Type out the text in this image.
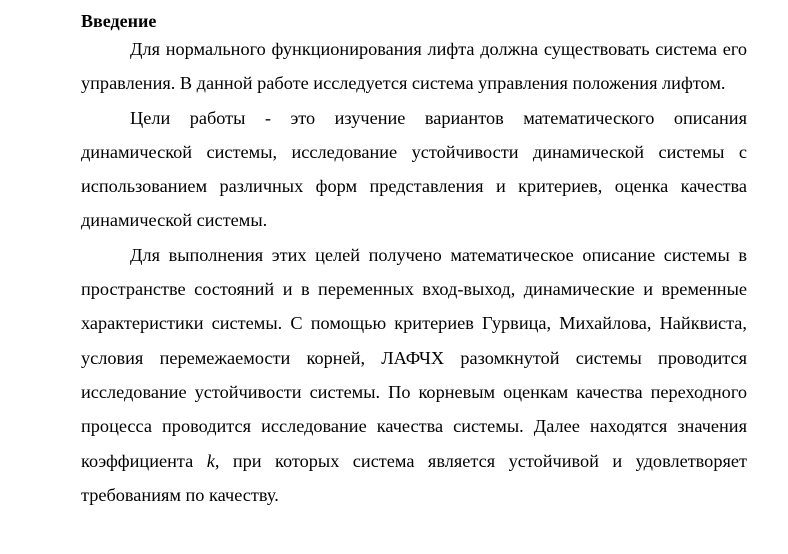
Введение

Для нормального функционирования лифта должна существовать система его управления. В данной работе исследуется система управления положения лифтом.

Цели работы - это изучение вариантов математического описания динамической системы, исследование устойчивости динамической системы с использованием различных форм представления и критериев, оценка качества динамической системы.

Для выполнения этих целей получено математическое описание системы в пространстве состояний и в переменных вход-выход, динамические и временные характеристики системы. С помощью критериев Гурвица, Михайлова, Найквиста, условия перемежаемости корней, ЛАФЧХ разомкнутой системы проводится исследование устойчивости системы. По корневым оценкам качества переходного процесса проводится исследование качества системы. Далее находятся значения коэффициента k, при которых система является устойчивой и удовлетворяет требованиям по качеству.
